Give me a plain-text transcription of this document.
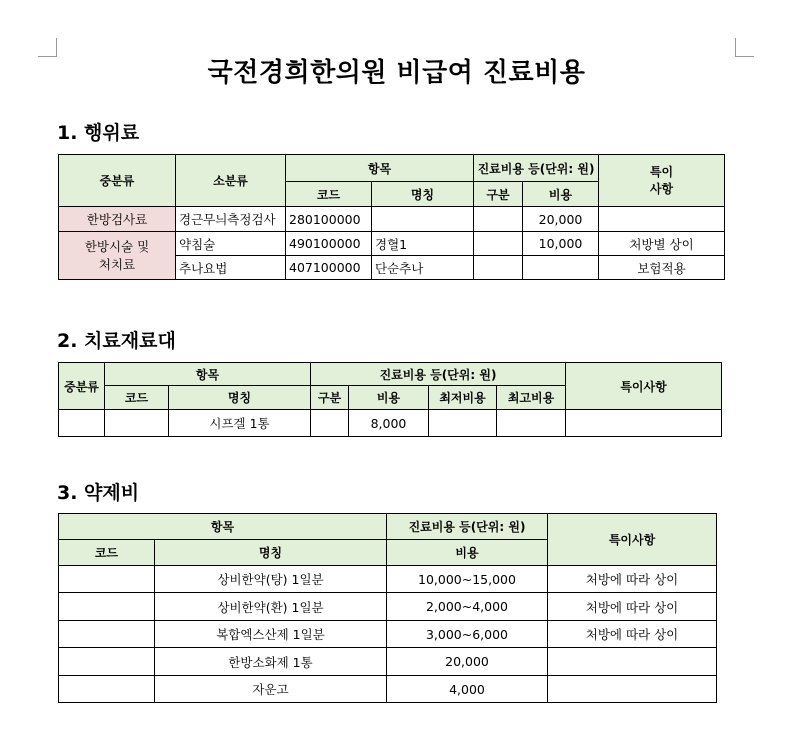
국전경희한의원 비급여 진료비용
1. 행위료
중분류	소분류	항목		진료비용 등(단위: 원)		특이
사항
		코드	명칭	구분	비용	
한방검사료	경근무늬측정검사	280100000			20,000	
한방시술 및
처치료	약침술	490100000	경혈1		10,000	처방별 상이
	추나요법	407100000	단순추나			보험적용
2. 치료재료대
중분류	항목		진료비용 등(단위: 원)				특이사항
	코드	명칭	구분	비용	최저비용	최고비용	
		시프겔 1통		8,000			
3. 약제비
항목		진료비용 등(단위: 원)	특이사항
코드	명칭	비용	
	상비한약(탕) 1일분	10,000~15,000	처방에 따라 상이
	상비한약(환) 1일분	2,000~4,000	처방에 따라 상이
	복합엑스산제 1일분	3,000~6,000	처방에 따라 상이
	한방소화제 1통	20,000	
	자운고	4,000	
